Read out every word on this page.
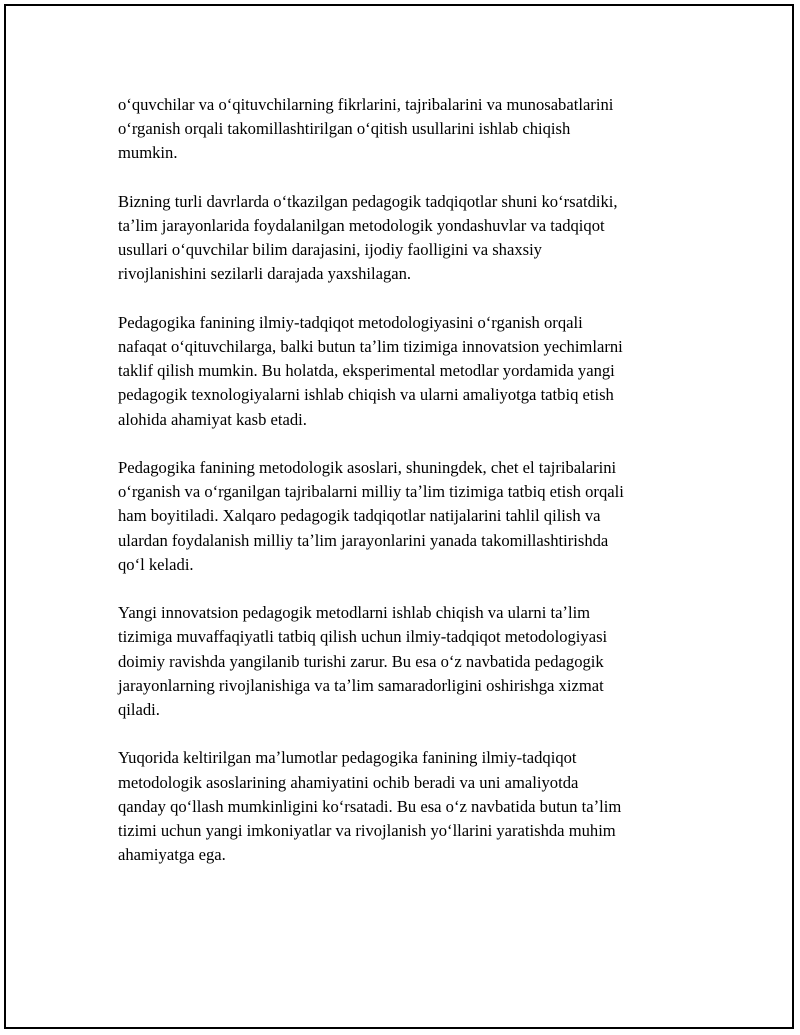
oʻquvchilar va oʻqituvchilarning fikrlarini, tajribalarini va munosabatlarini
oʻrganish orqali takomillashtirilgan oʻqitish usullarini ishlab chiqish
mumkin.

Bizning turli davrlarda oʻtkazilgan pedagogik tadqiqotlar shuni koʻrsatdiki,
taʼlim jarayonlarida foydalanilgan metodologik yondashuvlar va tadqiqot
usullari oʻquvchilar bilim darajasini, ijodiy faolligini va shaxsiy
rivojlanishini sezilarli darajada yaxshilagan.

Pedagogika fanining ilmiy-tadqiqot metodologiyasini oʻrganish orqali
nafaqat oʻqituvchilarga, balki butun taʼlim tizimiga innovatsion yechimlarni
taklif qilish mumkin. Bu holatda, eksperimental metodlar yordamida yangi
pedagogik texnologiyalarni ishlab chiqish va ularni amaliyotga tatbiq etish
alohida ahamiyat kasb etadi.

Pedagogika fanining metodologik asoslari, shuningdek, chet el tajribalarini
oʻrganish va oʻrganilgan tajribalarni milliy taʼlim tizimiga tatbiq etish orqali
ham boyitiladi. Xalqaro pedagogik tadqiqotlar natijalarini tahlil qilish va
ulardan foydalanish milliy taʼlim jarayonlarini yanada takomillashtirishda
qoʻl keladi.

Yangi innovatsion pedagogik metodlarni ishlab chiqish va ularni taʼlim
tizimiga muvaffaqiyatli tatbiq qilish uchun ilmiy-tadqiqot metodologiyasi
doimiy ravishda yangilanib turishi zarur. Bu esa oʻz navbatida pedagogik
jarayonlarning rivojlanishiga va taʼlim samaradorligini oshirishga xizmat
qiladi.

Yuqorida keltirilgan maʼlumotlar pedagogika fanining ilmiy-tadqiqot
metodologik asoslarining ahamiyatini ochib beradi va uni amaliyotda
qanday qoʻllash mumkinligini koʻrsatadi. Bu esa oʻz navbatida butun taʼlim
tizimi uchun yangi imkoniyatlar va rivojlanish yoʻllarini yaratishda muhim
ahamiyatga ega.
